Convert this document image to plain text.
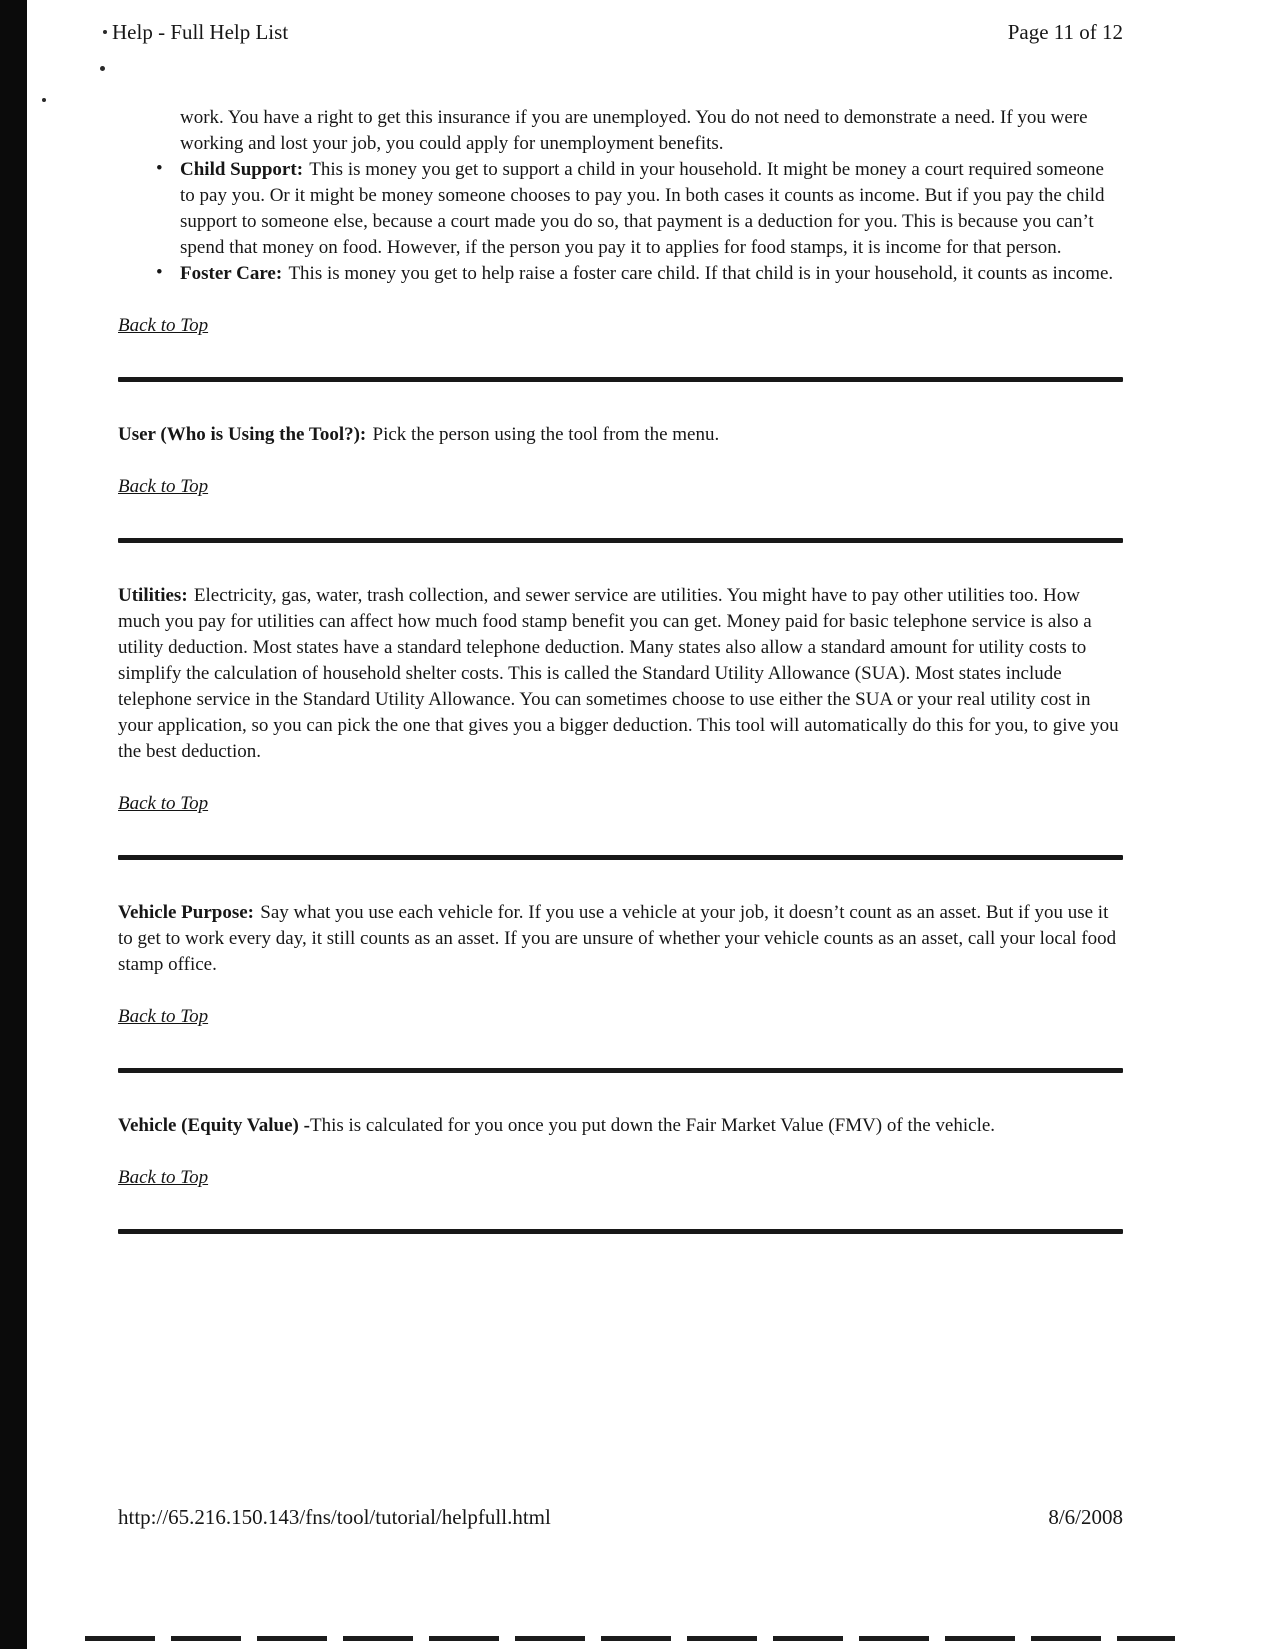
Help - Full Help List	Page 11 of 12

work. You have a right to get this insurance if you are unemployed. You do not need to demonstrate a need. If you were working and lost your job, you could apply for unemployment benefits.

• Child Support: This is money you get to support a child in your household. It might be money a court required someone to pay you. Or it might be money someone chooses to pay you. In both cases it counts as income. But if you pay the child support to someone else, because a court made you do so, that payment is a deduction for you. This is because you can’t spend that money on food. However, if the person you pay it to applies for food stamps, it is income for that person.
• Foster Care: This is money you get to help raise a foster care child. If that child is in your household, it counts as income.
Back to Top

User (Who is Using the Tool?): Pick the person using the tool from the menu.

Back to Top

Utilities: Electricity, gas, water, trash collection, and sewer service are utilities. You might have to pay other utilities too. How much you pay for utilities can affect how much food stamp benefit you can get. Money paid for basic telephone service is also a utility deduction. Most states have a standard telephone deduction. Many states also allow a standard amount for utility costs to simplify the calculation of household shelter costs. This is called the Standard Utility Allowance (SUA). Most states include telephone service in the Standard Utility Allowance. You can sometimes choose to use either the SUA or your real utility cost in your application, so you can pick the one that gives you a bigger deduction. This tool will automatically do this for you, to give you the best deduction.

Back to Top

Vehicle Purpose: Say what you use each vehicle for. If you use a vehicle at your job, it doesn’t count as an asset. But if you use it to get to work every day, it still counts as an asset. If you are unsure of whether your vehicle counts as an asset, call your local food stamp office.

Back to Top

Vehicle (Equity Value) -This is calculated for you once you put down the Fair Market Value (FMV) of the vehicle.

Back to Top
http://65.216.150.143/fns/tool/tutorial/helpfull.html	8/6/2008
